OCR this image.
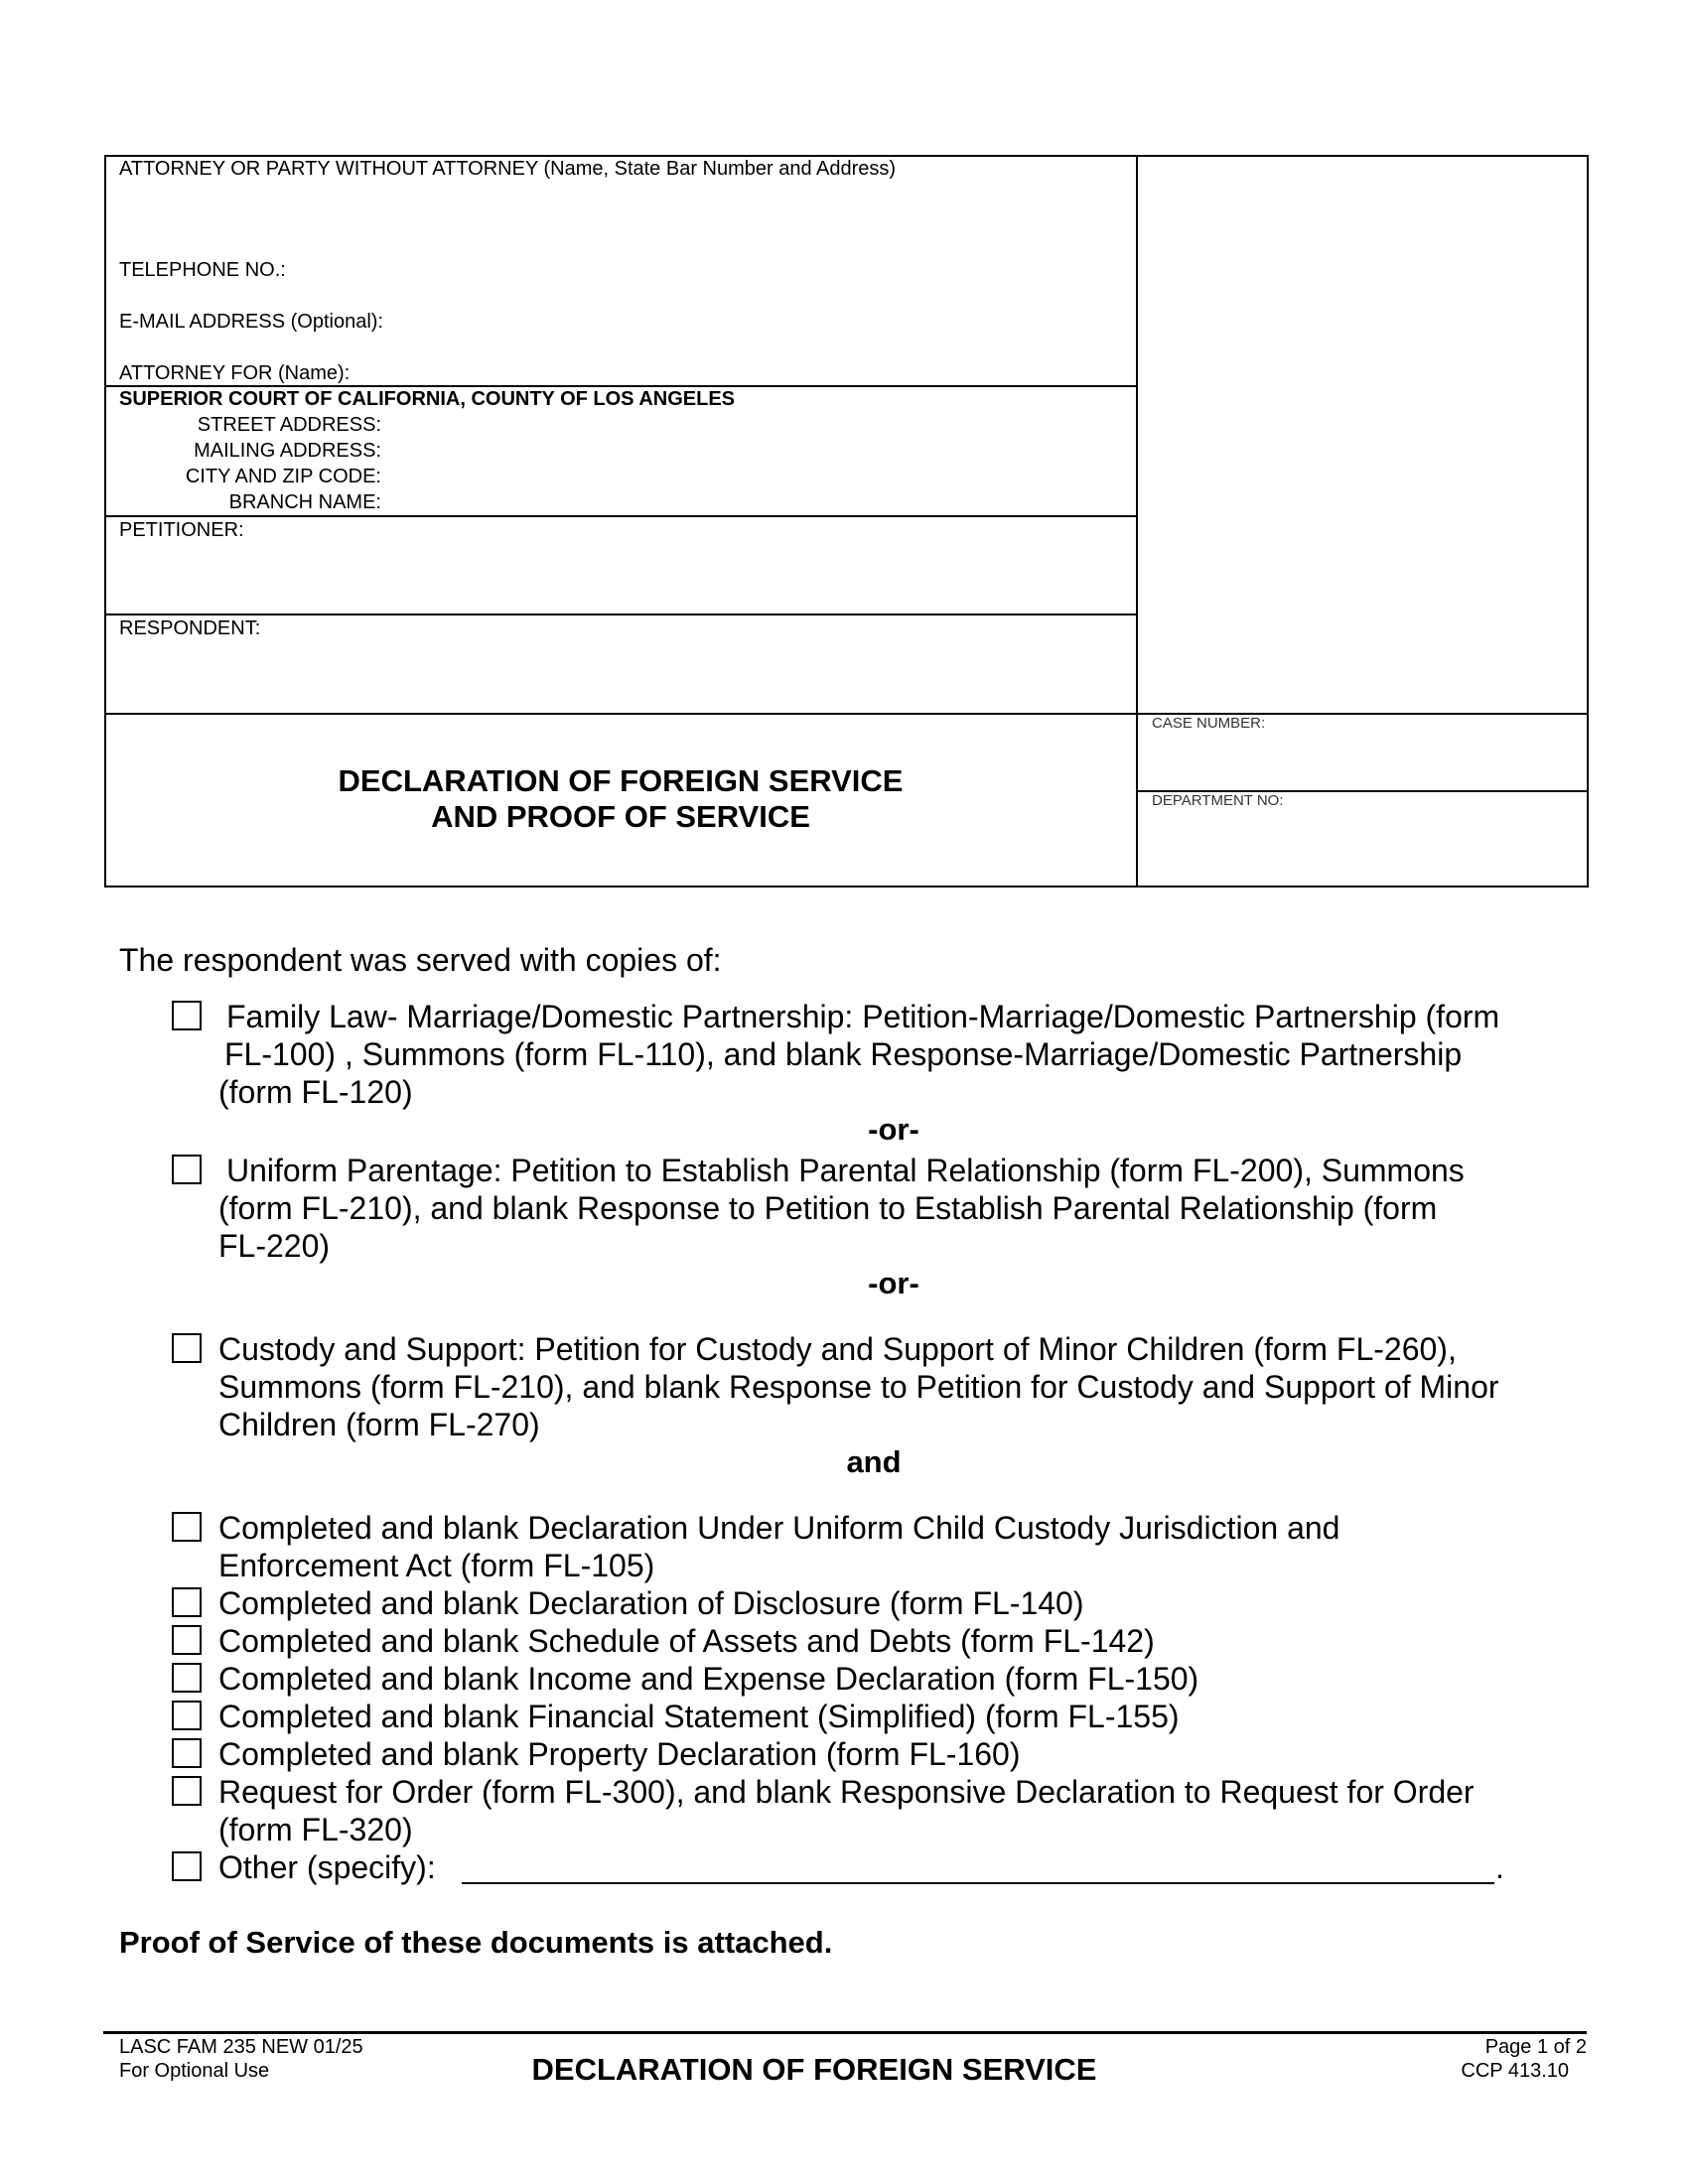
ATTORNEY OR PARTY WITHOUT ATTORNEY (Name, State Bar Number and Address)
TELEPHONE NO.:
E-MAIL ADDRESS (Optional):
ATTORNEY FOR (Name):
SUPERIOR COURT OF CALIFORNIA, COUNTY OF LOS ANGELES
STREET ADDRESS:
MAILING ADDRESS:
CITY AND ZIP CODE:
BRANCH NAME:
PETITIONER:
RESPONDENT:
DECLARATION OF FOREIGN SERVICE
AND PROOF OF SERVICE
CASE NUMBER:
DEPARTMENT NO:
The respondent was served with copies of:
Family Law- Marriage/Domestic Partnership: Petition-Marriage/Domestic Partnership (form
FL-100) , Summons (form FL-110), and blank Response-Marriage/Domestic Partnership
(form FL-120)
-or-
Uniform Parentage: Petition to Establish Parental Relationship (form FL-200), Summons
(form FL-210), and blank Response to Petition to Establish Parental Relationship (form
FL-220)
-or-
Custody and Support: Petition for Custody and Support of Minor Children (form FL-260),
Summons (form FL-210), and blank Response to Petition for Custody and Support of Minor
Children (form FL-270)
and
Completed and blank Declaration Under Uniform Child Custody Jurisdiction and
Enforcement Act (form FL-105)
Completed and blank Declaration of Disclosure (form FL-140)
Completed and blank Schedule of Assets and Debts (form FL-142)
Completed and blank Income and Expense Declaration (form FL-150)
Completed and blank Financial Statement (Simplified) (form FL-155)
Completed and blank Property Declaration (form FL-160)
Request for Order (form FL-300), and blank Responsive Declaration to Request for Order
(form FL-320)
Other (specify):	.
Proof of Service of these documents is attached.
LASC FAM 235 NEW 01/25
For Optional Use	DECLARATION OF FOREIGN SERVICE
Page 1 of 2
CCP 413.10
